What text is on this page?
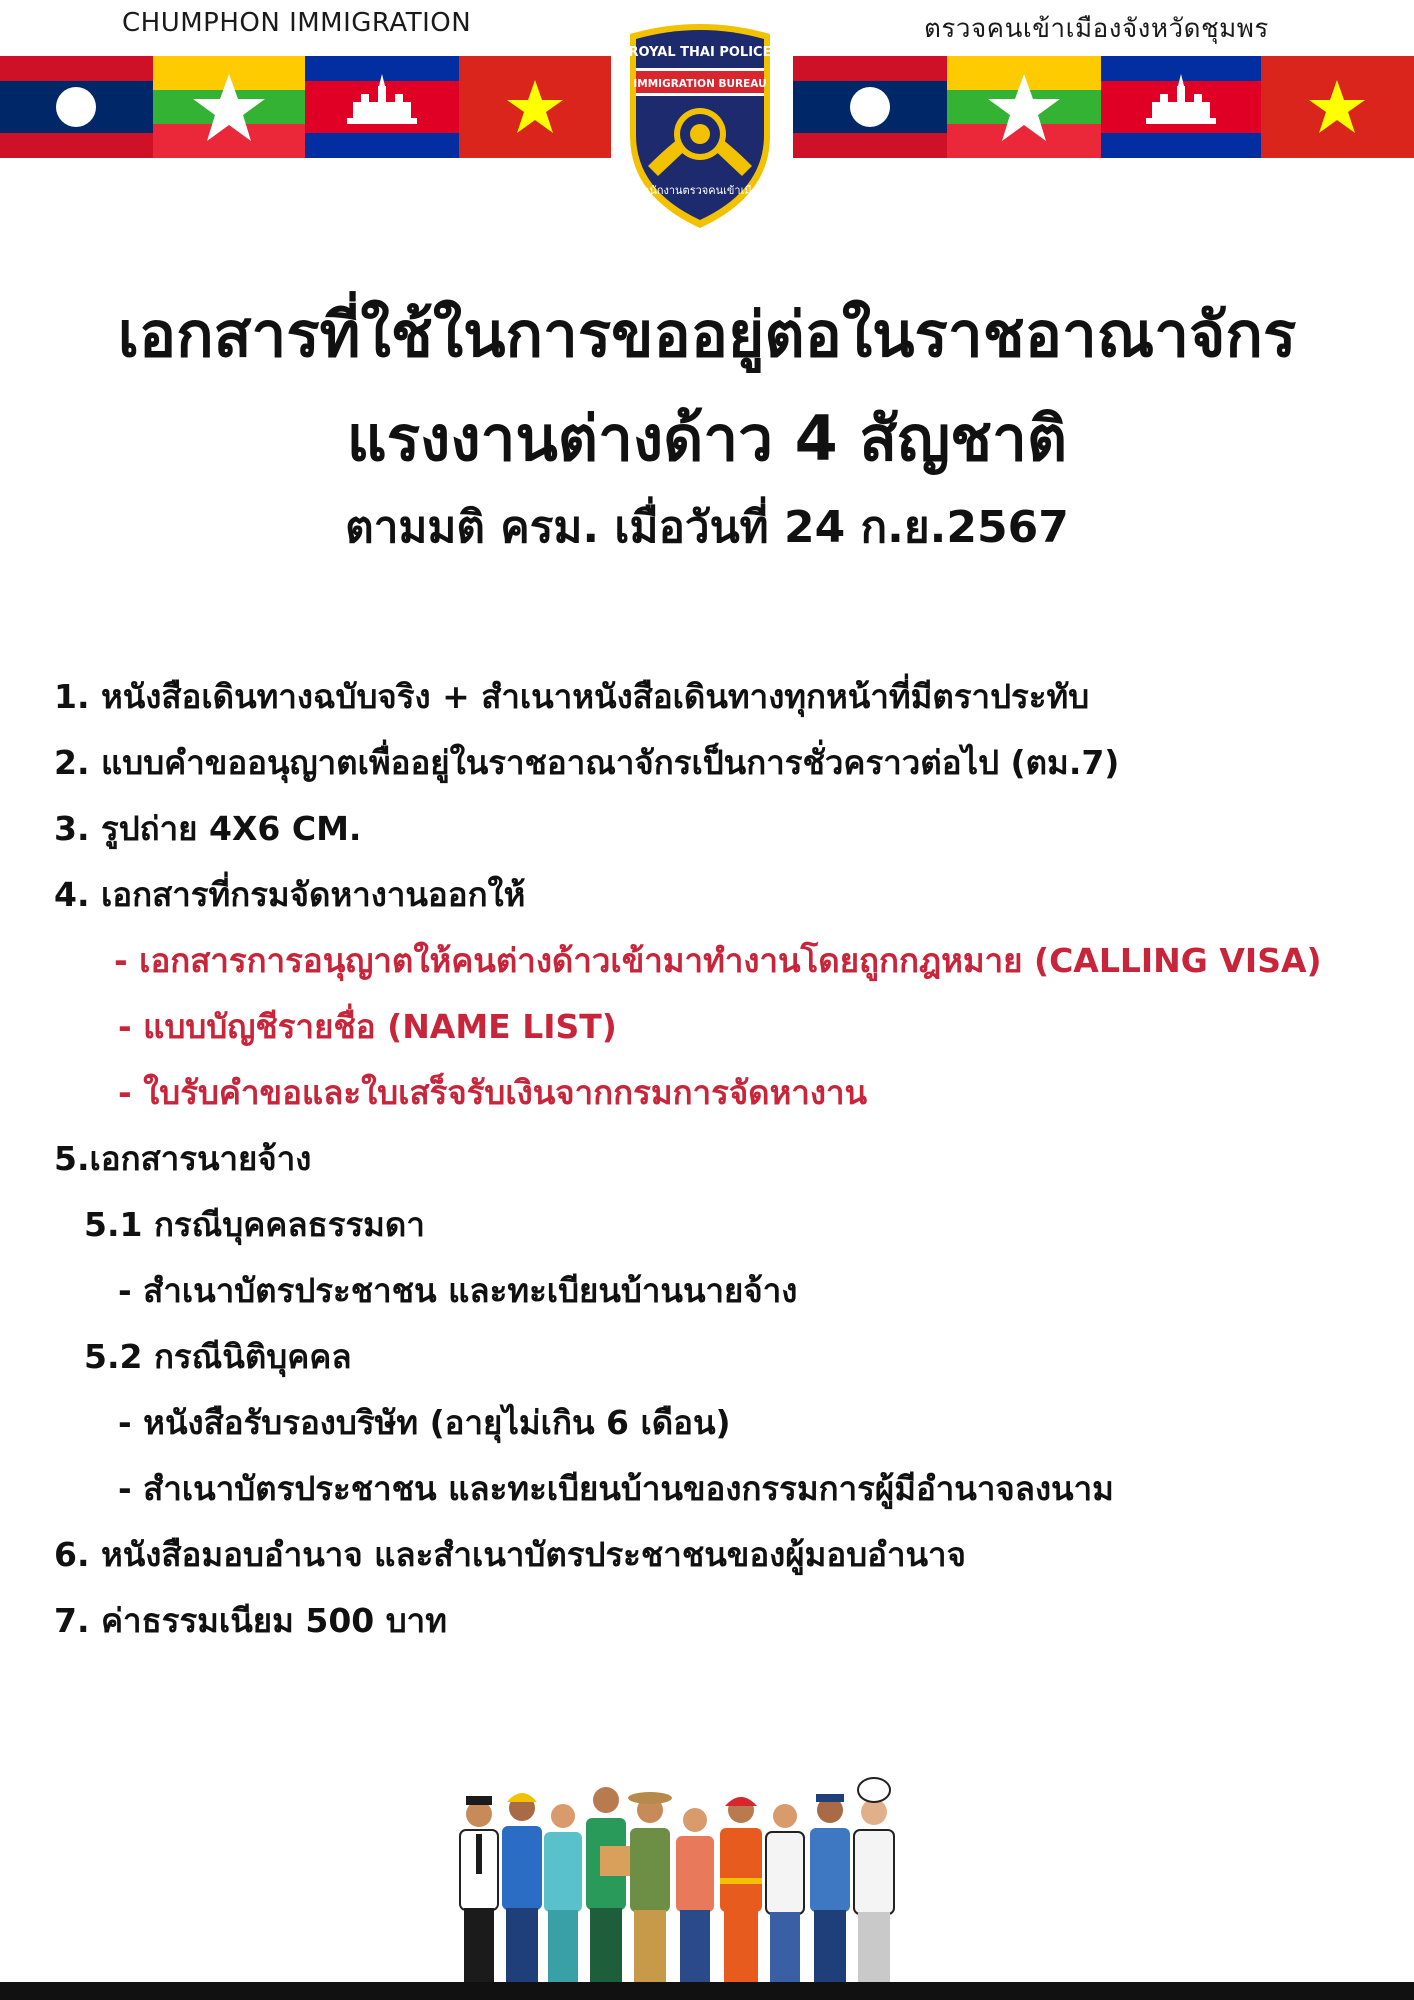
CHUMPHON IMMIGRATION	ตรวจคนเข้าเมืองจังหวัดชุมพร
ROYAL THAI POLICE
IMMIGRATION BUREAU
สำนักงานตรวจคนเข้าเมือง
เอกสารที่ใช้ในการขออยู่ต่อในราชอาณาจักร
แรงงานต่างด้าว 4 สัญชาติ
ตามมติ ครม. เมื่อวันที่ 24 ก.ย.2567
1. หนังสือเดินทางฉบับจริง + สำเนาหนังสือเดินทางทุกหน้าที่มีตราประทับ
2. แบบคำขออนุญาตเพื่ออยู่ในราชอาณาจักรเป็นการชั่วคราวต่อไป (ตม.7)
3. รูปถ่าย 4X6 CM.
4. เอกสารที่กรมจัดหางานออกให้
- เอกสารการอนุญาตให้คนต่างด้าวเข้ามาทำงานโดยถูกกฎหมาย (CALLING VISA)
- แบบบัญชีรายชื่อ (NAME LIST)
- ใบรับคำขอและใบเสร็จรับเงินจากกรมการจัดหางาน
5.เอกสารนายจ้าง
5.1 กรณีบุคคลธรรมดา
- สำเนาบัตรประชาชน และทะเบียนบ้านนายจ้าง
5.2 กรณีนิติบุคคล
- หนังสือรับรองบริษัท (อายุไม่เกิน 6 เดือน)
- สำเนาบัตรประชาชน และทะเบียนบ้านของกรรมการผู้มีอำนาจลงนาม
6. หนังสือมอบอำนาจ และสำเนาบัตรประชาชนของผู้มอบอำนาจ
7. ค่าธรรมเนียม 500 บาท
